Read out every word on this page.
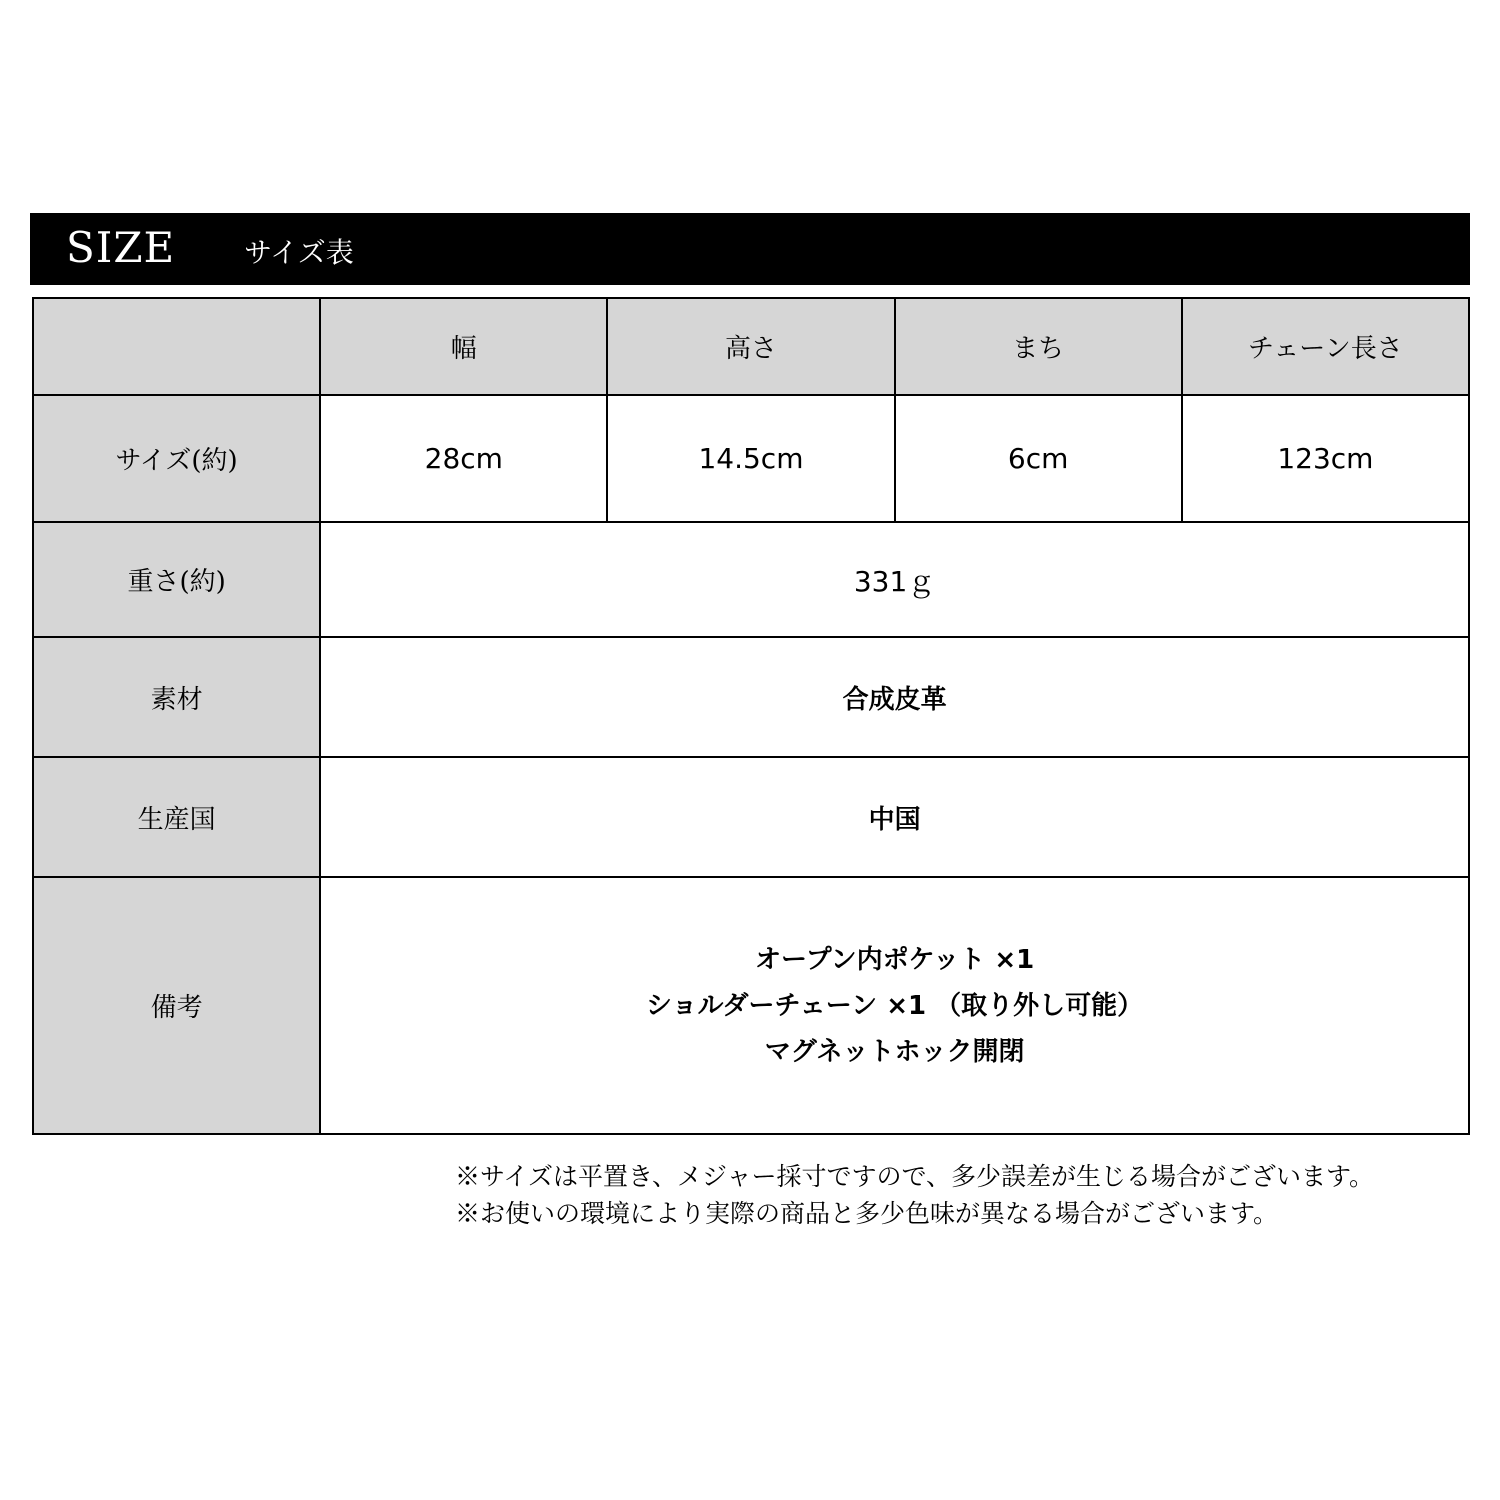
SIZE サイズ表
	幅	高さ	まち	チェーン長さ
サイズ(約)	28cm	14.5cm	6cm	123cm
重さ(約)	331ｇ			
素材	合成皮革			
生産国	中国			
備考	オープン内ポケット ×1
ショルダーチェーン ×1 （取り外し可能）
マグネットホック開閉			
※サイズは平置き、メジャー採寸ですので、多少誤差が生じる場合がございます。
※お使いの環境により実際の商品と多少色味が異なる場合がございます。
